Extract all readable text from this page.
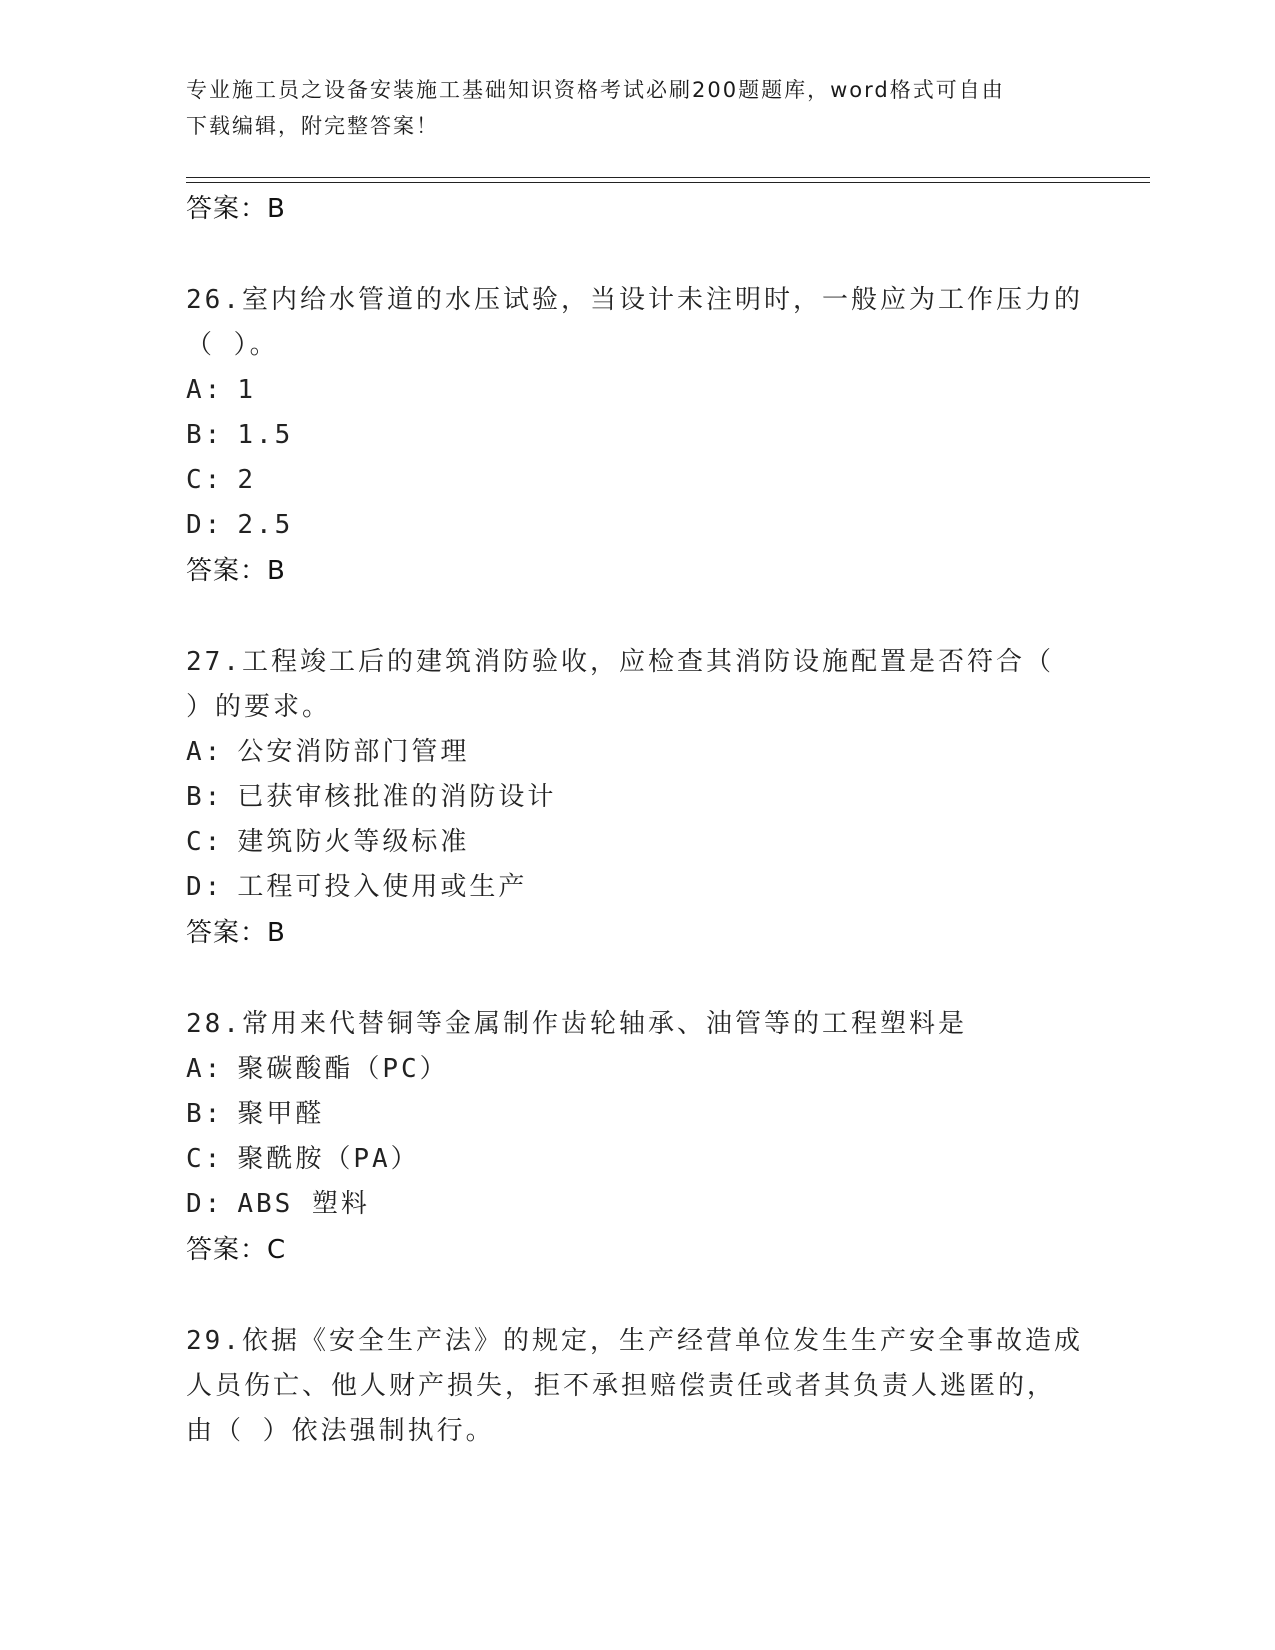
专业施工员之设备安装施工基础知识资格考试必刷200题题库，word格式可自由
下载编辑，附完整答案！
答案：B
26.室内给水管道的水压试验，当设计未注明时，一般应为工作压力的
（ ）。
A: 1
B: 1.5
C: 2
D: 2.5
答案：B
27.工程竣工后的建筑消防验收，应检查其消防设施配置是否符合（
）的要求。
A: 公安消防部门管理
B: 已获审核批准的消防设计
C: 建筑防火等级标准
D: 工程可投入使用或生产
答案：B
28.常用来代替铜等金属制作齿轮轴承、油管等的工程塑料是
A: 聚碳酸酯（PC）
B: 聚甲醛
C: 聚酰胺（PA）
D: ABS 塑料
答案：C
29.依据《安全生产法》的规定，生产经营单位发生生产安全事故造成
人员伤亡、他人财产损失，拒不承担赔偿责任或者其负责人逃匿的，
由（ ）依法强制执行。
